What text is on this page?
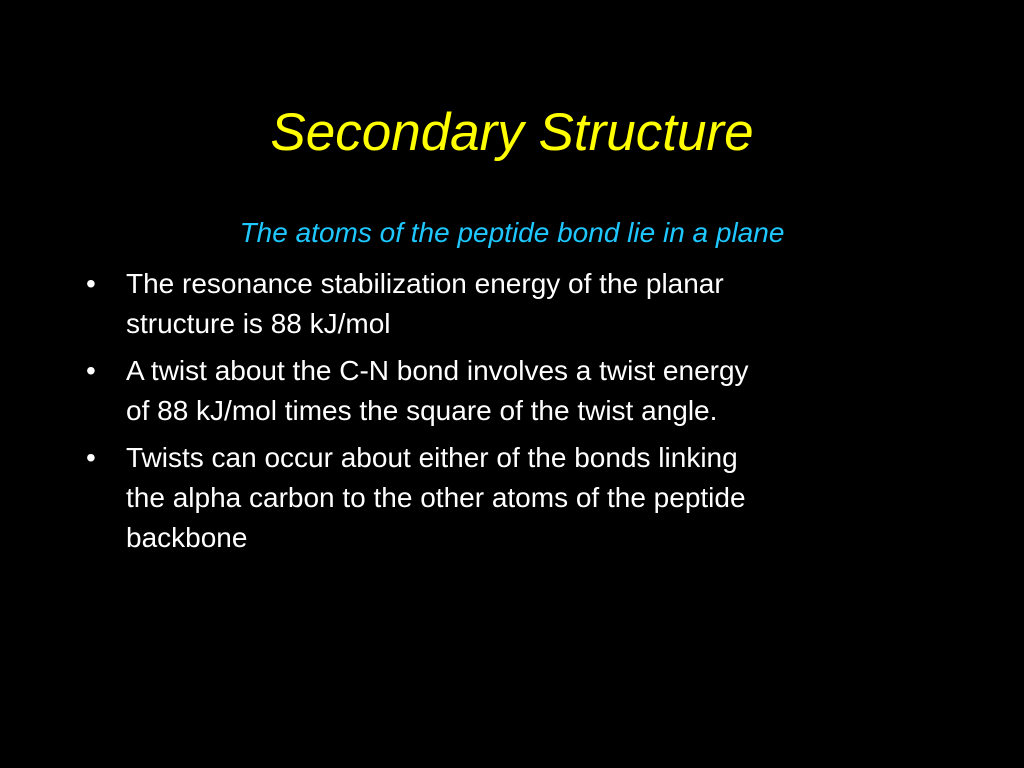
Secondary Structure
The atoms of the peptide bond lie in a plane
• The resonance stabilization energy of the planar
structure is 88 kJ/mol
• A twist about the C-N bond involves a twist energy
of 88 kJ/mol times the square of the twist angle.
• Twists can occur about either of the bonds linking
the alpha carbon to the other atoms of the peptide
backbone
